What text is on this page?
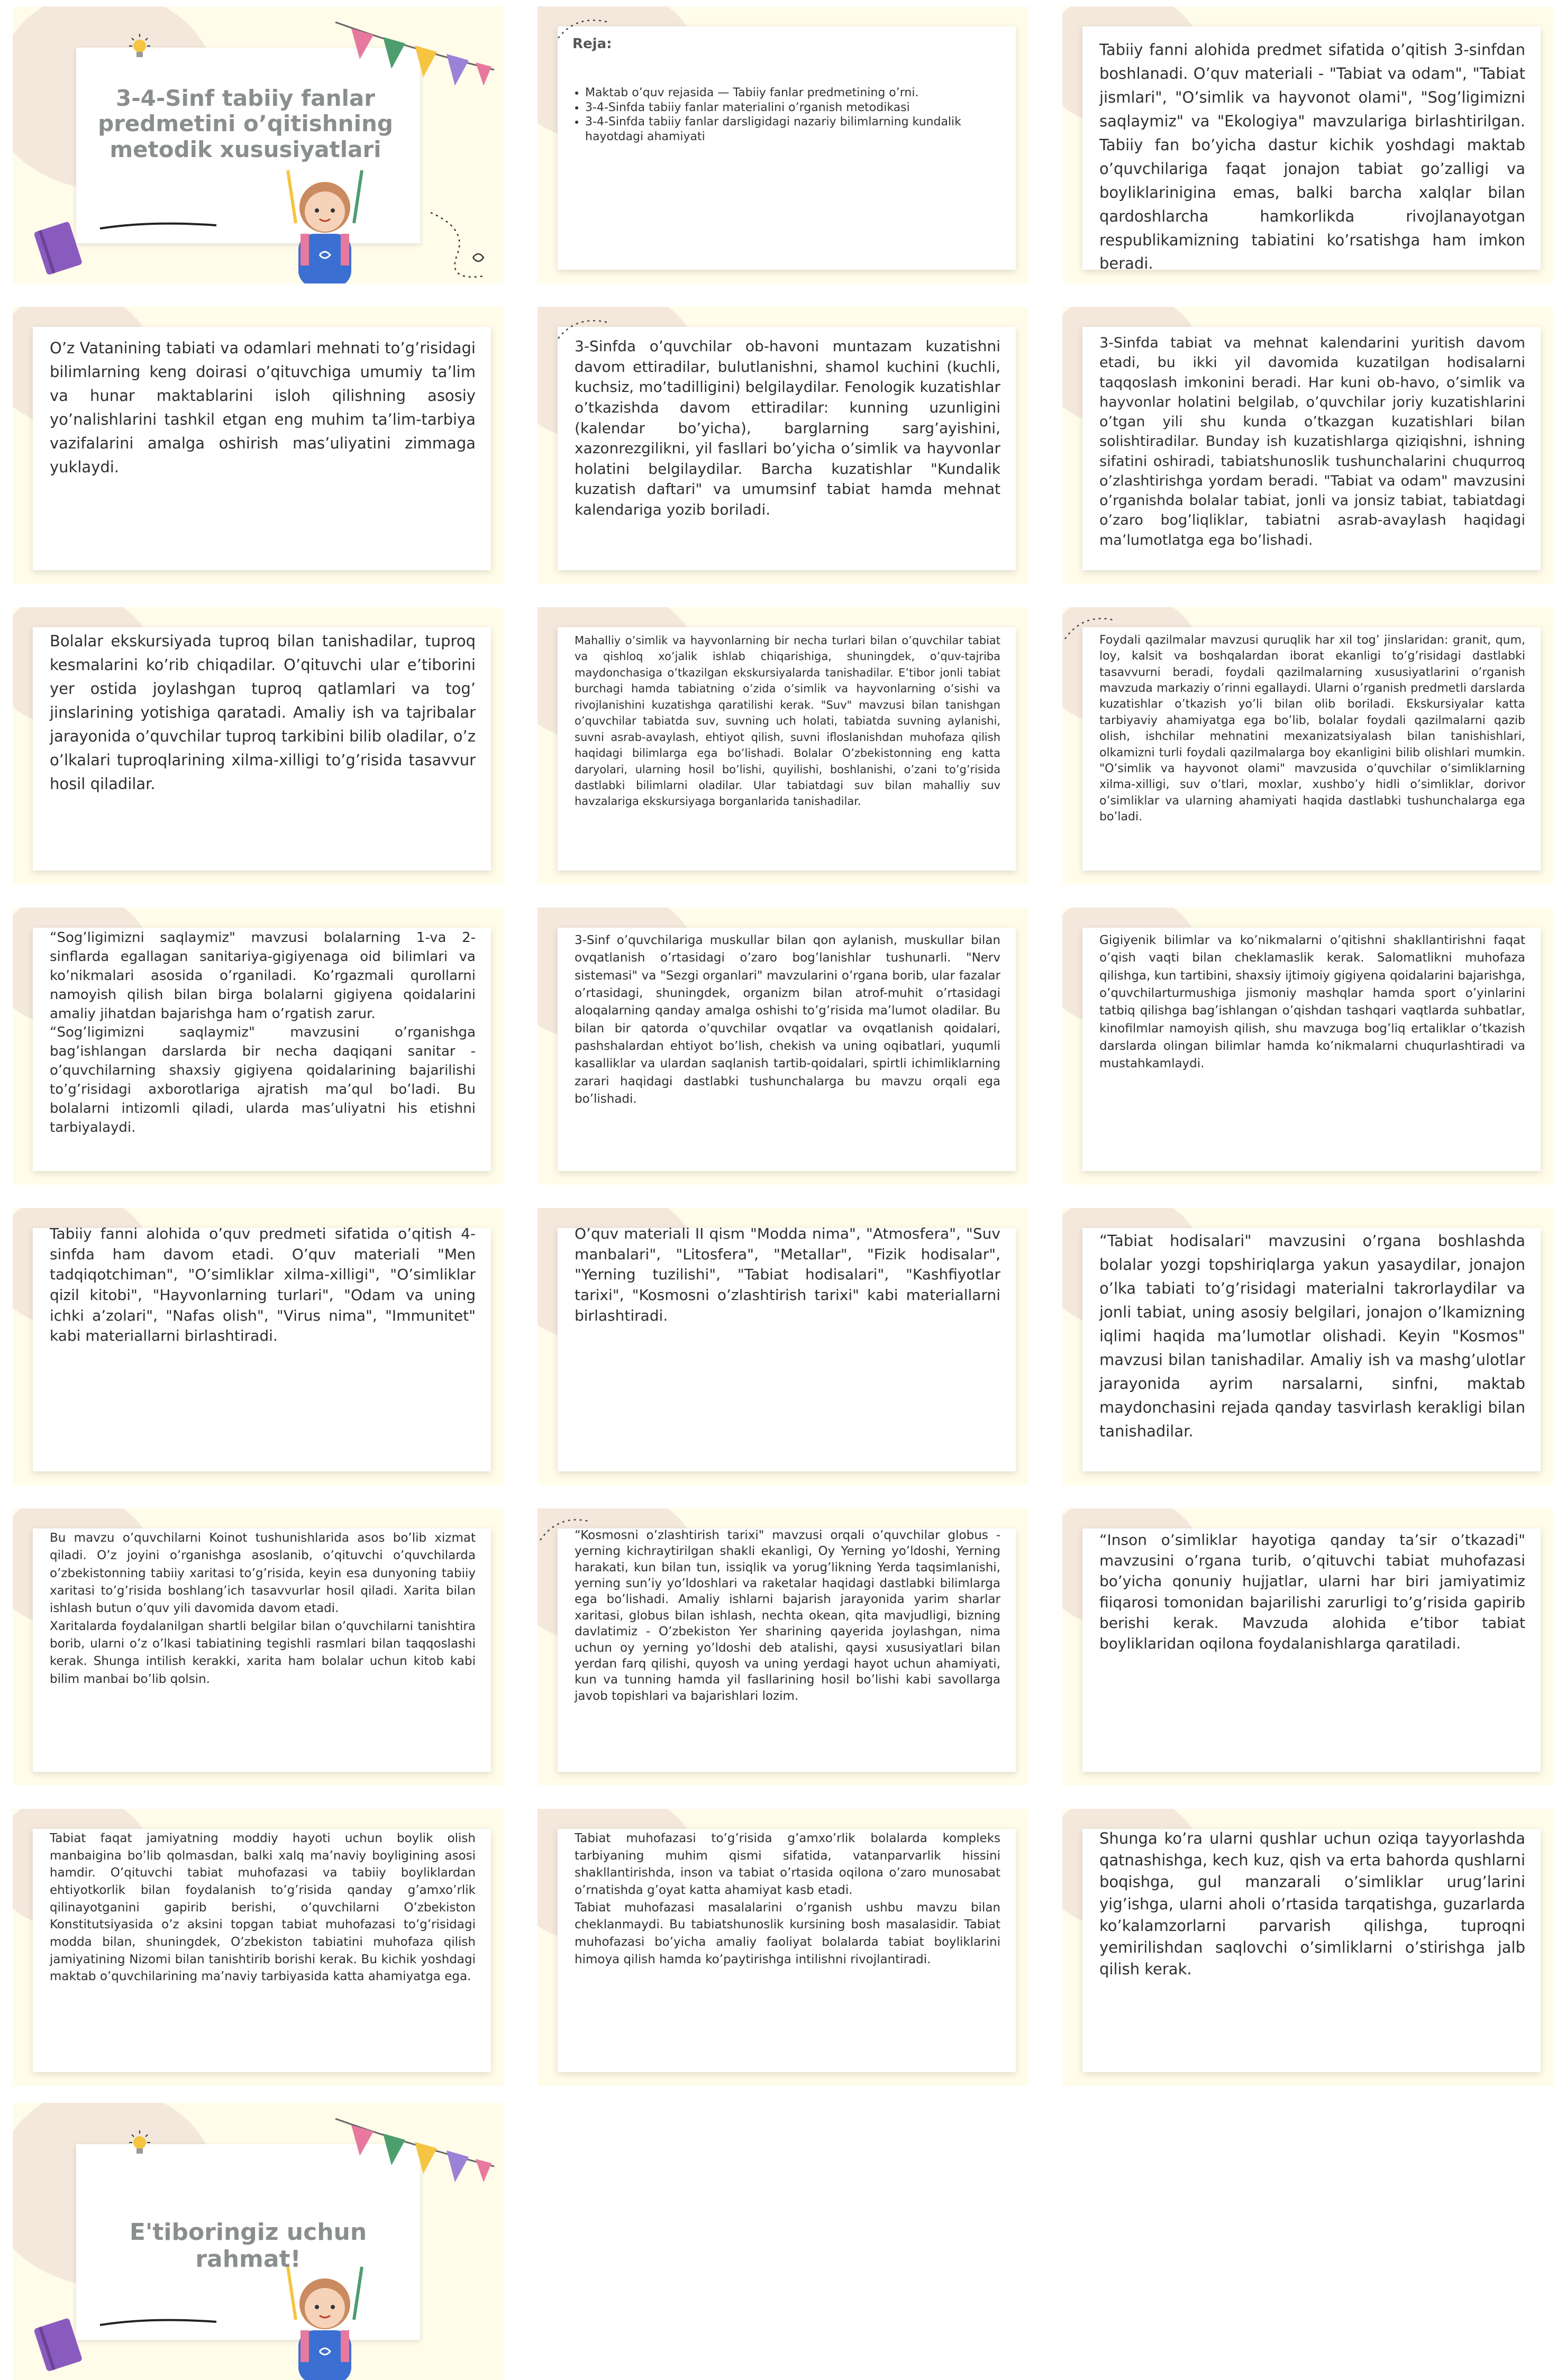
3-4-Sinf tabiiy fanlar predmetini o’qitishning metodik xususiyatlari
Reja:
• Maktab o’quv rejasida — Tabiiy fanlar predmetining o’rni.
• 3-4-Sinfda tabiiy fanlar materialini o’rganish metodikasi
• 3-4-Sinfda tabiiy fanlar darsligidagi nazariy bilimlarning kundalik hayotdagi ahamiyati

Tabiiy fanni alohida predmet sifatida o’qitish 3-sinfdan boshlanadi. O’quv materiali - "Tabiat va odam", "Tabiat jismlari", "O’simlik va hayvonot olami", "Sog’ligimizni saqlaymiz" va "Ekologiya" mavzulariga birlashtirilgan. Tabiiy fan bo’yicha dastur kichik yoshdagi maktab o’quvchilariga faqat jonajon tabiat go’zalligi va boyliklarinigina emas, balki barcha xalqlar bilan qardoshlarcha hamkorlikda rivojlanayotgan respublikamizning tabiatini ko’rsatishga ham imkon beradi.

O’z Vatanining tabiati va odamlari mehnati to’g’risidagi bilimlarning keng doirasi o’qituvchiga umumiy ta’lim va hunar maktablarini isloh qilishning asosiy yo’nalishlarini tashkil etgan eng muhim ta’lim-tarbiya vazifalarini amalga oshirish mas’uliyatini zimmaga yuklaydi.

3-Sinfda o’quvchilar ob-havoni muntazam kuzatishni davom ettiradilar, bulutlanishni, shamol kuchini (kuchli, kuchsiz, mo’tadilligini) belgilaydilar. Fenologik kuzatishlar o’tkazishda davom ettiradilar: kunning uzunligini (kalendar bo’yicha), barglarning sarg’ayishini, xazonrezgilikni, yil fasllari bo’yicha o’simlik va hayvonlar holatini belgilaydilar. Barcha kuzatishlar "Kundalik kuzatish daftari" va umumsinf tabiat hamda mehnat kalendariga yozib boriladi.

3-Sinfda tabiat va mehnat kalendarini yuritish davom etadi, bu ikki yil davomida kuzatilgan hodisalarni taqqoslash imkonini beradi. Har kuni ob-havo, o’simlik va hayvonlar holatini belgilab, o’quvchilar joriy kuzatishlarini o’tgan yili shu kunda o’tkazgan kuzatishlari bilan solishtiradilar. Bunday ish kuzatishlarga qiziqishni, ishning sifatini oshiradi, tabiatshunoslik tushunchalarini chuqurroq o’zlashtirishga yordam beradi. "Tabiat va odam" mavzusini o’rganishda bolalar tabiat, jonli va jonsiz tabiat, tabiatdagi o’zaro bog’liqliklar, tabiatni asrab-avaylash haqidagi ma’lumotlatga ega bo’lishadi.

Bolalar ekskursiyada tuproq bilan tanishadilar, tuproq kesmalarini ko’rib chiqadilar. O’qituvchi ular e’tiborini yer ostida joylashgan tuproq qatlamlari va tog’ jinslarining yotishiga qaratadi. Amaliy ish va tajribalar jarayonida o’quvchilar tuproq tarkibini bilib oladilar, o’z o’lkalari tuproqlarining xilma-xilligi to’g’risida tasavvur hosil qiladilar.

Mahalliy o’simlik va hayvonlarning bir necha turlari bilan o’quvchilar tabiat va qishloq xo’jalik ishlab chiqarishiga, shuningdek, o’quv-tajriba maydonchasiga o’tkazilgan ekskursiyalarda tanishadilar. E’tibor jonli tabiat burchagi hamda tabiatning o’zida o’simlik va hayvonlarning o’sishi va rivojlanishini kuzatishga qaratilishi kerak. "Suv" mavzusi bilan tanishgan o’quvchilar tabiatda suv, suvning uch holati, tabiatda suvning aylanishi, suvni asrab-avaylash, ehtiyot qilish, suvni ifloslanishdan muhofaza qilish haqidagi bilimlarga ega bo’lishadi. Bolalar O’zbekistonning eng katta daryolari, ularning hosil bo’lishi, quyilishi, boshlanishi, o’zani to’g’risida dastlabki bilimlarni oladilar. Ular tabiatdagi suv bilan mahalliy suv havzalariga ekskursiyaga borganlarida tanishadilar.

Foydali qazilmalar mavzusi quruqlik har xil tog’ jinslaridan: granit, qum, loy, kalsit va boshqalardan iborat ekanligi to’g’risidagi dastlabki tasavvurni beradi, foydali qazilmalarning xususiyatlarini o’rganish mavzuda markaziy o’rinni egallaydi. Ularni o’rganish predmetli darslarda kuzatishlar o’tkazish yo’li bilan olib boriladi. Ekskursiyalar katta tarbiyaviy ahamiyatga ega bo’lib, bolalar foydali qazilmalarni qazib olish, ishchilar mehnatini mexanizatsiyalash bilan tanishishlari, olkamizni turli foydali qazilmalarga boy ekanligini bilib olishlari mumkin. "O’simlik va hayvonot olami" mavzusida o’quvchilar o’simliklarning xilma-xilligi, suv o’tlari, moxlar, xushbo’y hidli o’simliklar, dorivor o’simliklar va ularning ahamiyati haqida dastlabki tushunchalarga ega bo’ladi.

“Sog’ligimizni saqlaymiz" mavzusi bolalarning 1-va 2- sinflarda egallagan sanitariya-gigiyenaga oid bilimlari va ko’nikmalari asosida o’rganiladi. Ko’rgazmali qurollarni namoyish qilish bilan birga bolalarni gigiyena qoidalarini amaliy jihatdan bajarishga ham o’rgatish zarur.
“Sog’ligimizni saqlaymiz" mavzusini o’rganishga bag’ishlangan darslarda bir necha daqiqani sanitar - o’quvchilarning shaxsiy gigiyena qoidalarining bajarilishi to’g’risidagi axborotlariga ajratish ma’qul bo’ladi. Bu bolalarni intizomli qiladi, ularda mas’uliyatni his etishni tarbiyalaydi.

3-Sinf o’quvchilariga muskullar bilan qon aylanish, muskullar bilan ovqatlanish o’rtasidagi o’zaro bog’lanishlar tushunarli. "Nerv sistemasi" va "Sezgi organlari" mavzularini o’rgana borib, ular fazalar o’rtasidagi, shuningdek, organizm bilan atrof-muhit o’rtasidagi aloqalarning qanday amalga oshishi to’g’risida ma’lumot oladilar. Bu bilan bir qatorda o’quvchilar ovqatlar va ovqatlanish qoidalari, pashshalardan ehtiyot bo’lish, chekish va uning oqibatlari, yuqumli kasalliklar va ulardan saqlanish tartib-qoidalari, spirtli ichimliklarning zarari haqidagi dastlabki tushunchalarga bu mavzu orqali ega bo’lishadi.

Gigiyenik bilimlar va ko’nikmalarni o’qitishni shakllantirishni faqat o’qish vaqti bilan cheklamaslik kerak. Salomatlikni muhofaza qilishga, kun tartibini, shaxsiy ijtimoiy gigiyena qoidalarini bajarishga, o’quvchilarturmushiga jismoniy mashqlar hamda sport o’yinlarini tatbiq qilishga bag’ishlangan o’qishdan tashqari vaqtlarda suhbatlar, kinofilmlar namoyish qilish, shu mavzuga bog’liq ertaliklar o’tkazish darslarda olingan bilimlar hamda ko’nikmalarni chuqurlashtiradi va mustahkamlaydi.

Tabiiy fanni alohida o’quv predmeti sifatida o’qitish 4-sinfda ham davom etadi. O’quv materiali "Men tadqiqotchiman", "O’simliklar xilma-xilligi", "O’simliklar qizil kitobi", "Hayvonlarning turlari", "Odam va uning ichki a’zolari", "Nafas olish", "Virus nima", "Immunitet" kabi materiallarni birlashtiradi.

O’quv materiali II qism "Modda nima", "Atmosfera", "Suv manbalari", "Litosfera", "Metallar", "Fizik hodisalar", "Yerning tuzilishi", "Tabiat hodisalari", "Kashfiyotlar tarixi", "Kosmosni o’zlashtirish tarixi" kabi materiallarni birlashtiradi.

“Tabiat hodisalari" mavzusini o’rgana boshlashda bolalar yozgi topshiriqlarga yakun yasaydilar, jonajon o’lka tabiati to’g’risidagi materialni takrorlaydilar va jonli tabiat, uning asosiy belgilari, jonajon o’lkamizning iqlimi haqida ma’lumotlar olishadi. Keyin "Kosmos" mavzusi bilan tanishadilar. Amaliy ish va mashg’ulotlar jarayonida ayrim narsalarni, sinfni, maktab maydonchasini rejada qanday tasvirlash kerakligi bilan tanishadilar.

Bu mavzu o’quvchilarni Koinot tushunishlarida asos bo’lib xizmat qiladi. O’z joyini o’rganishga asoslanib, o’qituvchi o’quvchilarda o’zbekistonning tabiiy xaritasi to’g’risida, keyin esa dunyoning tabiiy xaritasi to’g’risida boshlang’ich tasavvurlar hosil qiladi. Xarita bilan ishlash butun o’quv yili davomida davom etadi.
Xaritalarda foydalanilgan shartli belgilar bilan o’quvchilarni tanishtira borib, ularni o’z o’lkasi tabiatining tegishli rasmlari bilan taqqoslashi kerak. Shunga intilish kerakki, xarita ham bolalar uchun kitob kabi bilim manbai bo’lib qolsin.

“Kosmosni o’zlashtirish tarixi" mavzusi orqali o’quvchilar globus - yerning kichraytirilgan shakli ekanligi, Oy Yerning yo’ldoshi, Yerning harakati, kun bilan tun, issiqlik va yorug’likning Yerda taqsimlanishi, yerning sun’iy yo’ldoshlari va raketalar haqidagi dastlabki bilimlarga ega bo’lishadi. Amaliy ishlarni bajarish jarayonida yarim sharlar xaritasi, globus bilan ishlash, nechta okean, qita mavjudligi, bizning davlatimiz - O’zbekiston Yer sharining qayerida joylashgan, nima uchun oy yerning yo’ldoshi deb atalishi, qaysi xususiyatlari bilan yerdan farq qilishi, quyosh va uning yerdagi hayot uchun ahamiyati, kun va tunning hamda yil fasllarining hosil bo’lishi kabi savollarga javob topishlari va bajarishlari lozim.

“Inson o’simliklar hayotiga qanday ta’sir o’tkazadi" mavzusini o’rgana turib, o’qituvchi tabiat muhofazasi bo’yicha qonuniy hujjatlar, ularni har biri jamiyatimiz fiiqarosi tomonidan bajarilishi zarurligi to’g’risida gapirib berishi kerak. Mavzuda alohida e’tibor tabiat boyliklaridan oqilona foydalanishlarga qaratiladi.

Tabiat faqat jamiyatning moddiy hayoti uchun boylik olish manbaigina bo’lib qolmasdan, balki xalq ma’naviy boyligining asosi hamdir. O’qituvchi tabiat muhofazasi va tabiiy boyliklardan ehtiyotkorlik bilan foydalanish to’g’risida qanday g’amxo’rlik qilinayotganini gapirib berishi, o’quvchilarni O’zbekiston Konstitutsiyasida o’z aksini topgan tabiat muhofazasi to’g’risidagi modda bilan, shuningdek, O’zbekiston tabiatini muhofaza qilish jamiyatining Nizomi bilan tanishtirib borishi kerak. Bu kichik yoshdagi maktab o’quvchilarining ma’naviy tarbiyasida katta ahamiyatga ega.

Tabiat muhofazasi to’g’risida g’amxo’rlik bolalarda kompleks tarbiyaning muhim qismi sifatida, vatanparvarlik hissini shakllantirishda, inson va tabiat o’rtasida oqilona o’zaro munosabat o’rnatishda g’oyat katta ahamiyat kasb etadi.
Tabiat muhofazasi masalalarini o’rganish ushbu mavzu bilan cheklanmaydi. Bu tabiatshunoslik kursining bosh masalasidir. Tabiat muhofazasi bo’yicha amaliy faoliyat bolalarda tabiat boyliklarini himoya qilish hamda ko’paytirishga intilishni rivojlantiradi.

Shunga ko’ra ularni qushlar uchun oziqa tayyorlashda qatnashishga, kech kuz, qish va erta bahorda qushlarni boqishga, gul manzarali o’simliklar urug’larini yig’ishga, ularni aholi o’rtasida tarqatishga, guzarlarda ko’kalamzorlarni parvarish qilishga, tuproqni yemirilishdan saqlovchi o’simliklarni o’stirishga jalb qilish kerak.

E'tiboringiz uchun rahmat!
